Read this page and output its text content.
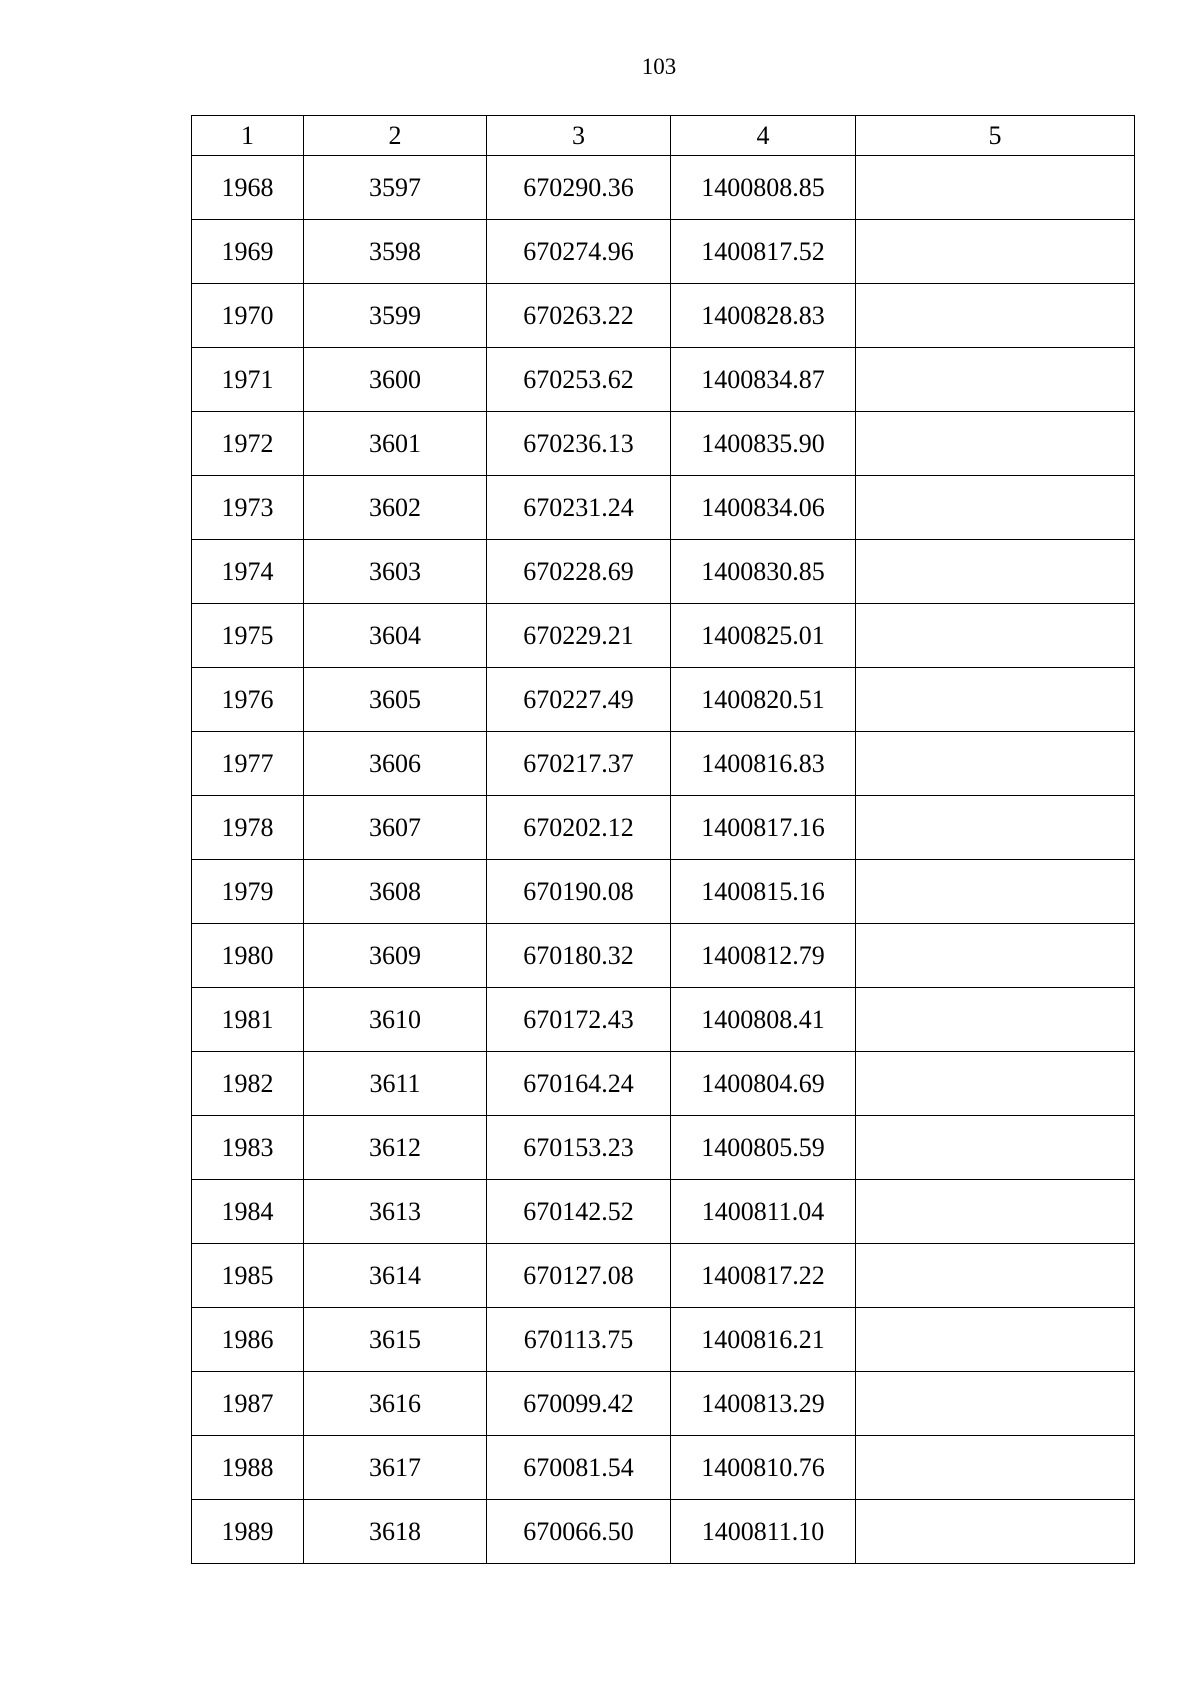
103
1	2	3	4	5
1968	3597	670290.36	1400808.85	
1969	3598	670274.96	1400817.52	
1970	3599	670263.22	1400828.83	
1971	3600	670253.62	1400834.87	
1972	3601	670236.13	1400835.90	
1973	3602	670231.24	1400834.06	
1974	3603	670228.69	1400830.85	
1975	3604	670229.21	1400825.01	
1976	3605	670227.49	1400820.51	
1977	3606	670217.37	1400816.83	
1978	3607	670202.12	1400817.16	
1979	3608	670190.08	1400815.16	
1980	3609	670180.32	1400812.79	
1981	3610	670172.43	1400808.41	
1982	3611	670164.24	1400804.69	
1983	3612	670153.23	1400805.59	
1984	3613	670142.52	1400811.04	
1985	3614	670127.08	1400817.22	
1986	3615	670113.75	1400816.21	
1987	3616	670099.42	1400813.29	
1988	3617	670081.54	1400810.76	
1989	3618	670066.50	1400811.10	
